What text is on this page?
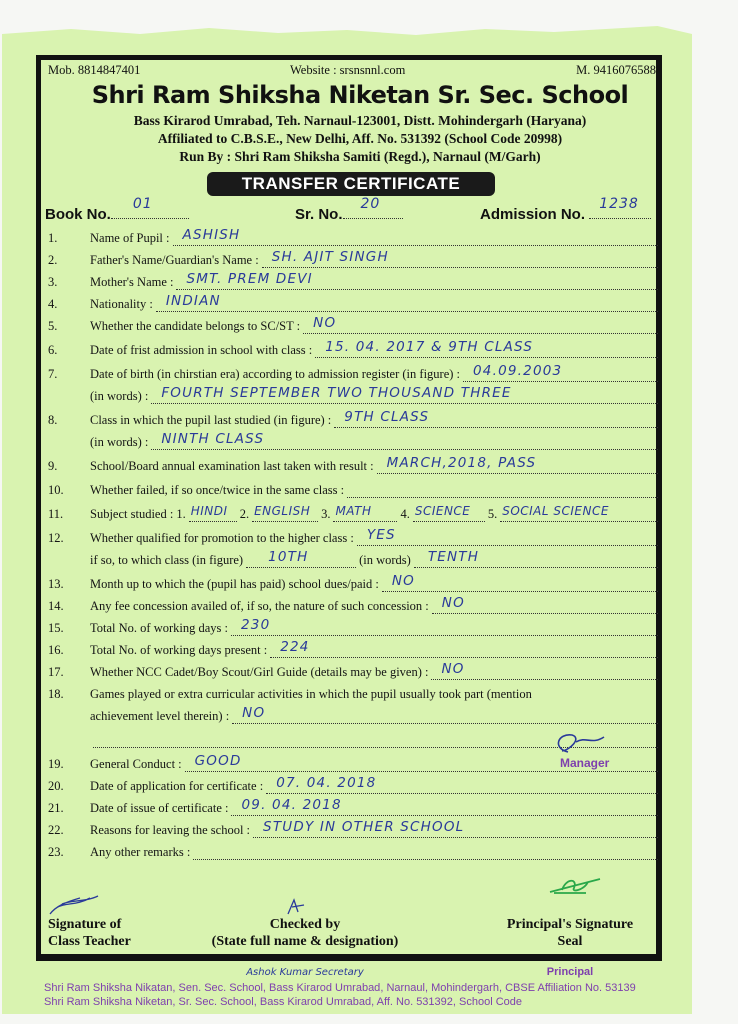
Mob. 8814847401	Website : srsnsnnl.com	M. 9416076588
Shri Ram Shiksha Niketan Sr. Sec. School
Bass Kirarod Umrabad, Teh. Narnaul-123001, Distt. Mohindergarh (Haryana)
Affiliated to C.B.S.E., New Delhi, Aff. No. 531392 (School Code 20998)
Run By : Shri Ram Shiksha Samiti (Regd.), Narnaul (M/Garh)
TRANSFER CERTIFICATE
Book No.
01
Sr. No.
20
Admission No.
1238
1.	Name of Pupil : ASHISH
2.	Father's Name/Guardian's Name : SH. AJIT SINGH
3.	Mother's Name : SMT. PREM DEVI
4.	Nationality : INDIAN
5.	Whether the candidate belongs to SC/ST : NO
6.	Date of frist admission in school with class : 15. 04. 2017 & 9TH CLASS
7.	Date of birth (in chirstian era) according to admission register (in figure) : 04.09.2003
(in words) : FOURTH SEPTEMBER TWO THOUSAND THREE
8.	Class in which the pupil last studied (in figure) : 9TH CLASS
(in words) : NINTH CLASS
9.	School/Board annual examination last taken with result : MARCH,2018, PASS
10.	Whether failed, if so once/twice in the same class :
11.	Subject studied : 1. HINDI 2. ENGLISH 3. MATH 4. SCIENCE 5. SOCIAL SCIENCE
12.	Whether qualified for promotion to the higher class : YES
if so, to which class (in figure) 10TH	(in words) TENTH
13.	Month up to which the (pupil has paid) school dues/paid : NO
14.	Any fee concession availed of, if so, the nature of such concession : NO
15.	Total No. of working days : 230
16.	Total No. of working days present : 224
17.	Whether NCC Cadet/Boy Scout/Girl Guide (details may be given) : NO
18.	Games played or extra curricular activities in which the pupil usually took part (mention
achievement level therein) : NO
19.	General Conduct : GOOD
20.	Date of application for certificate : 07. 04. 2018
21.	Date of issue of certificate : 09. 04. 2018
22.	Reasons for leaving the school : STUDY IN OTHER SCHOOL
23.	Any other remarks :
Manager
Signature of
Class Teacher
Checked by
(State full name & designation)
Ashok Kumar Secretary
Principal's Signature
Seal
Principal
Shri Ram Shiksha Nikatan, Sen. Sec. School, Bass Kirarod Umrabad, Narnaul, Mohindergarh, CBSE Affiliation No. 53139
Shri Ram Shiksha Niketan, Sr. Sec. School, Bass Kirarod Umrabad, Aff. No. 531392, School Code
